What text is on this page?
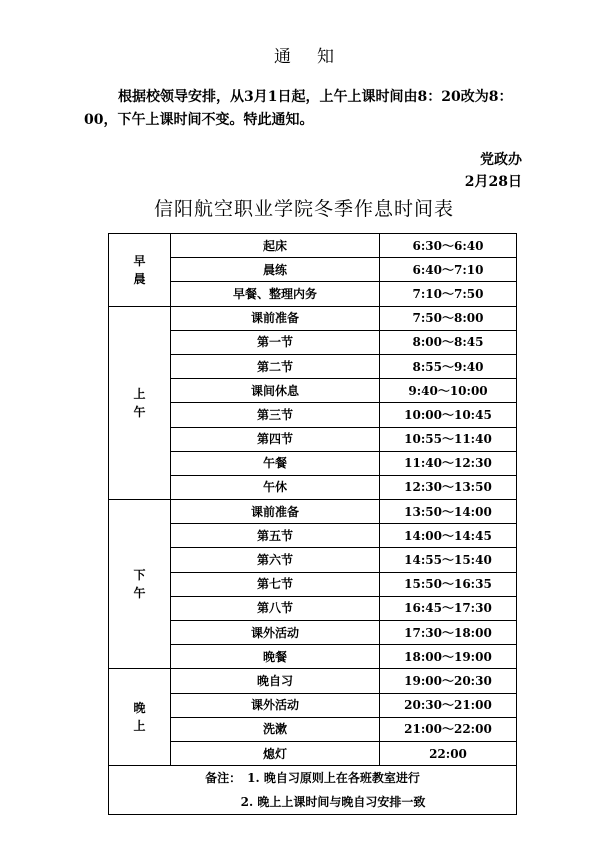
通知

根据校领导安排，从3月1日起，上午上课时间由8：20改为8：00，下午上课时间不变。特此通知。

党政办
2月28日
信阳航空职业学院冬季作息时间表
早晨	起床	6:30～6:40
	晨练	6:40～7:10
	早餐、整理内务	7:10～7:50
上午	课前准备	7:50～8:00
	第一节	8:00～8:45
	第二节	8:55～9:40
	课间休息	9:40～10:00
	第三节	10:00～10:45
	第四节	10:55～11:40
	午餐	11:40～12:30
	午休	12:30～13:50
下午	课前准备	13:50～14:00
	第五节	14:00～14:45
	第六节	14:55～15:40
	第七节	15:50～16:35
	第八节	16:45～17:30
	课外活动	17:30～18:00
	晚餐	18:00～19:00
晚上	晚自习	19:00～20:30
	课外活动	20:30～21:00
	洗漱	21:00～22:00
	熄灯	22:00

备注： 1. 晚自习原则上在各班教室进行
2. 晚上上课时间与晚自习安排一致		
